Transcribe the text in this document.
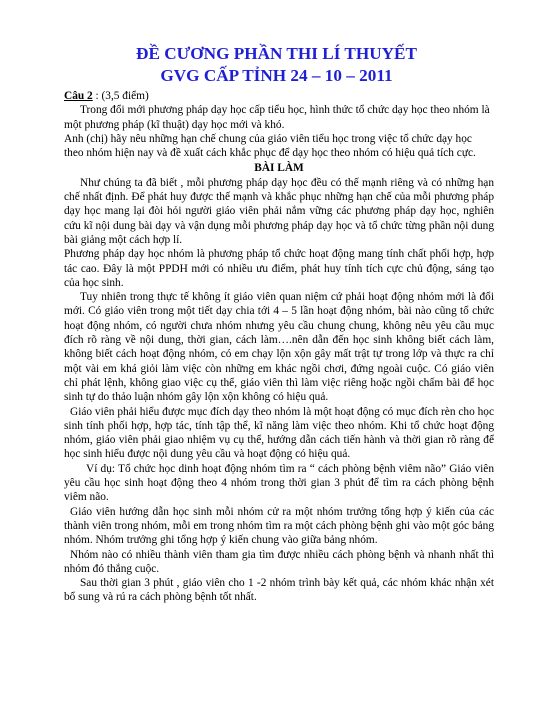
ĐỀ CƯƠNG PHẦN THI LÍ THUYẾT
GVG CẤP TỈNH 24 – 10 – 2011

Câu 2 : (3,5 điểm)

Trong đổi mới phương pháp dạy học cấp tiểu học, hình thức tổ chức dạy học theo nhóm là một phương pháp (kĩ thuật) dạy học mới và khó.

Anh (chị) hãy nêu những hạn chế chung của giáo viên tiểu học trong việc tổ chức dạy học theo nhóm hiện nay và đề xuất cách khắc phục để dạy học theo nhóm có hiệu quả tích cực.

BÀI LÀM

Như chúng ta đã biết , mỗi phương pháp dạy học đều có thế mạnh riêng và có những hạn chế nhất định. Để phát huy được thế mạnh và khắc phục những hạn chế của mỗi phương pháp dạy học mang lại đòi hỏi người giáo viên phải nắm vững các phương pháp dạy học, nghiên cứu kĩ nội dung bài dạy và vận dụng mỗi phương pháp dạy học và tổ chức từng phần nội dung bài giảng một cách hợp lí.

Phương pháp dạy học nhóm là phương pháp tổ chức hoạt động mang tính chất phối hợp, hợp tác cao. Đây là một PPDH mới có nhiều ưu điểm, phát huy tính tích cực chủ động, sáng tạo của học sinh.

Tuy nhiên trong thực tế không ít giáo viên quan niệm cứ phải hoạt động nhóm mới là đổi mới. Có giáo viên trong một tiết dạy chia tới 4 – 5 lần hoạt động nhóm, bài nào cũng tổ chức hoạt động nhóm, có người chưa nhóm nhưng yêu cầu chung chung, không nêu yêu cầu mục đích rõ ràng về nội dung, thời gian, cách làm….nên dẫn đến học sinh không biết cách làm, không biết cách hoạt động nhóm, có em chạy lộn xộn gây mất trật tự trong lớp và thực ra chỉ một vài em khá giỏi làm việc còn những em khác ngồi chơi, đứng ngoài cuộc. Có giáo viên chỉ phát lệnh, không giao việc cụ thể, giáo viên thì làm việc riêng hoặc ngồi chấm bài để học sinh tự do thảo luận nhóm gây lộn xộn không có hiệu quả.

Giáo viên phải hiểu được mục đích dạy theo nhóm là một hoạt động có mục đích rèn cho học sinh tính phối hợp, hợp tác, tính tập thể, kĩ năng làm việc theo nhóm. Khi tổ chức hoạt động nhóm, giáo viên phải giao nhiệm vụ cụ thể, hướng dẫn cách tiến hành và thời gian rõ ràng để học sinh hiểu được nội dung yêu cầu và hoạt động có hiệu quả.

Ví dụ: Tổ chức học dinh hoạt động nhóm tìm ra “ cách phòng bệnh viêm não” Giáo viên yêu cầu học sinh hoạt động theo 4 nhóm trong thời gian 3 phút để tìm ra cách phòng bệnh viêm não.

Giáo viên hướng dẫn học sinh mỗi nhóm cử ra một nhóm trưởng tổng hợp ý kiến của các thành viên trong nhóm, mỗi em trong nhóm tìm ra một cách phòng bệnh ghi vào một góc bảng nhóm. Nhóm trưởng ghi tổng hợp ý kiến chung vào giữa bảng nhóm.

Nhóm nào có nhiều thành viên tham gia tìm được nhiều cách phòng bệnh và nhanh nhất thì nhóm đó thắng cuộc.

Sau thời gian 3 phút , giáo viên cho 1 -2 nhóm trình bày kết quả, các nhóm khác nhận xét bổ sung và rú ra cách phòng bệnh tốt nhất.
